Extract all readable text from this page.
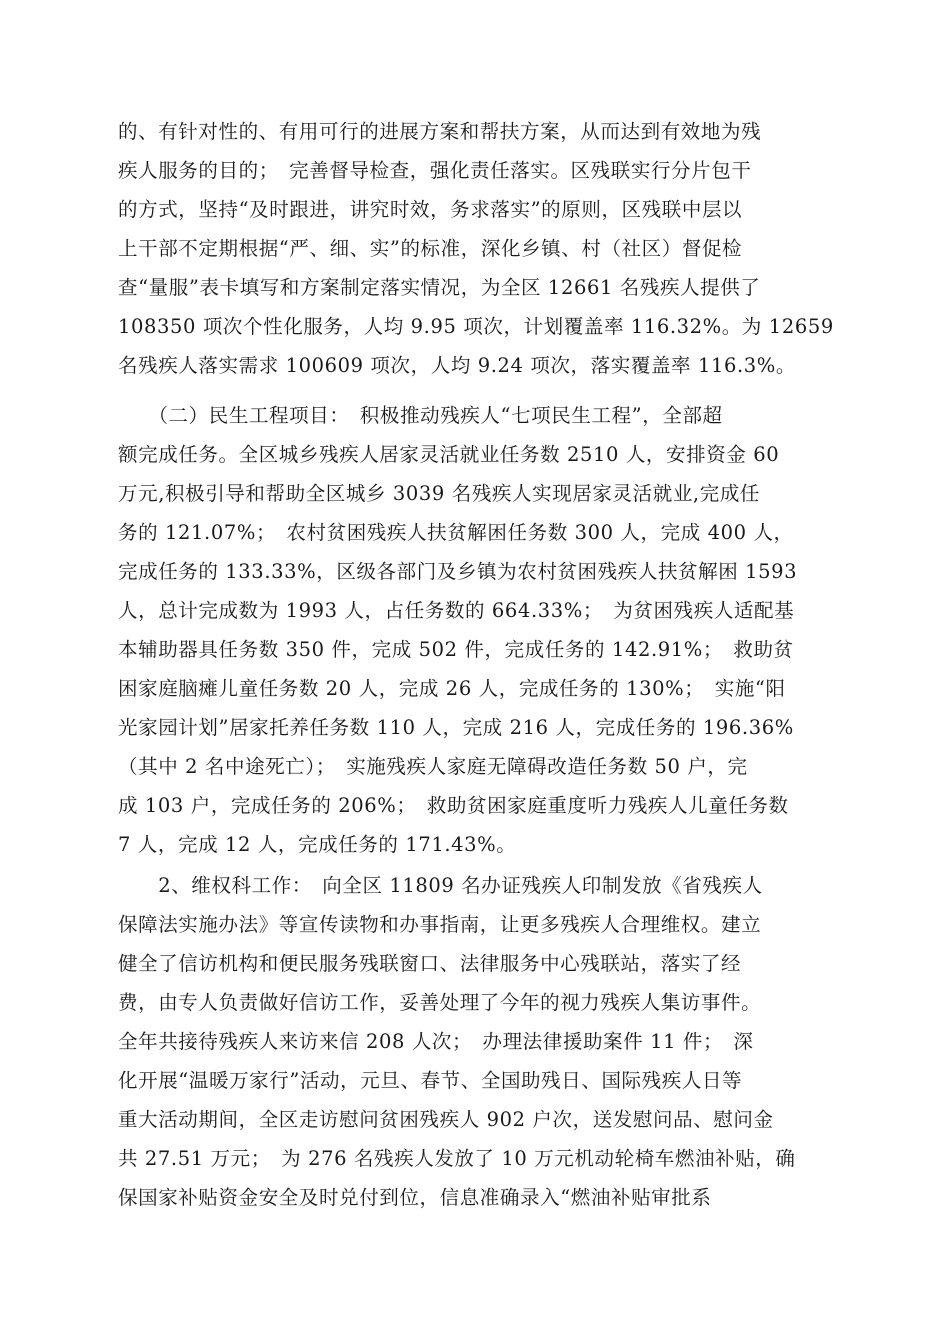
的、有针对性的、有用可行的进展方案和帮扶方案，从而达到有效地为残
疾人服务的目的；　完善督导检查，强化责任落实。区残联实行分片包干
的方式，坚持“及时跟进，讲究时效，务求落实”的原则，区残联中层以
上干部不定期根据“严、细、实”的标准，深化乡镇、村（社区）督促检
查“量服”表卡填写和方案制定落实情况，为全区 12661 名残疾人提供了
108350 项次个性化服务，人均 9.95 项次，计划覆盖率 116.32%。为 12659
名残疾人落实需求 100609 项次，人均 9.24 项次，落实覆盖率 116.3%。
　　（二）民生工程项目：　积极推动残疾人“七项民生工程”，全部超
额完成任务。全区城乡残疾人居家灵活就业任务数 2510 人，安排资金 60
万元,积极引导和帮助全区城乡 3039 名残疾人实现居家灵活就业,完成任
务的 121.07%；　农村贫困残疾人扶贫解困任务数 300 人，完成 400 人，
完成任务的 133.33%，区级各部门及乡镇为农村贫困残疾人扶贫解困 1593
人，总计完成数为 1993 人，占任务数的 664.33%；　为贫困残疾人适配基
本辅助器具任务数 350 件，完成 502 件，完成任务的 142.91%；　救助贫
困家庭脑瘫儿童任务数 20 人，完成 26 人，完成任务的 130%；　实施“阳
光家园计划”居家托养任务数 110 人，完成 216 人，完成任务的 196.36%
（其中 2 名中途死亡）；　实施残疾人家庭无障碍改造任务数 50 户，完
成 103 户，完成任务的 206%；　救助贫困家庭重度听力残疾人儿童任务数
7 人，完成 12 人，完成任务的 171.43%。
　　2、维权科工作：　向全区 11809 名办证残疾人印制发放《省残疾人
保障法实施办法》等宣传读物和办事指南，让更多残疾人合理维权。建立
健全了信访机构和便民服务残联窗口、法律服务中心残联站，落实了经
费，由专人负责做好信访工作，妥善处理了今年的视力残疾人集访事件。
全年共接待残疾人来访来信 208 人次；　办理法律援助案件 11 件；　深
化开展“温暖万家行”活动，元旦、春节、全国助残日、国际残疾人日等
重大活动期间，全区走访慰问贫困残疾人 902 户次，送发慰问品、慰问金
共 27.51 万元；　为 276 名残疾人发放了 10 万元机动轮椅车燃油补贴，确
保国家补贴资金安全及时兑付到位，信息准确录入“燃油补贴审批系
